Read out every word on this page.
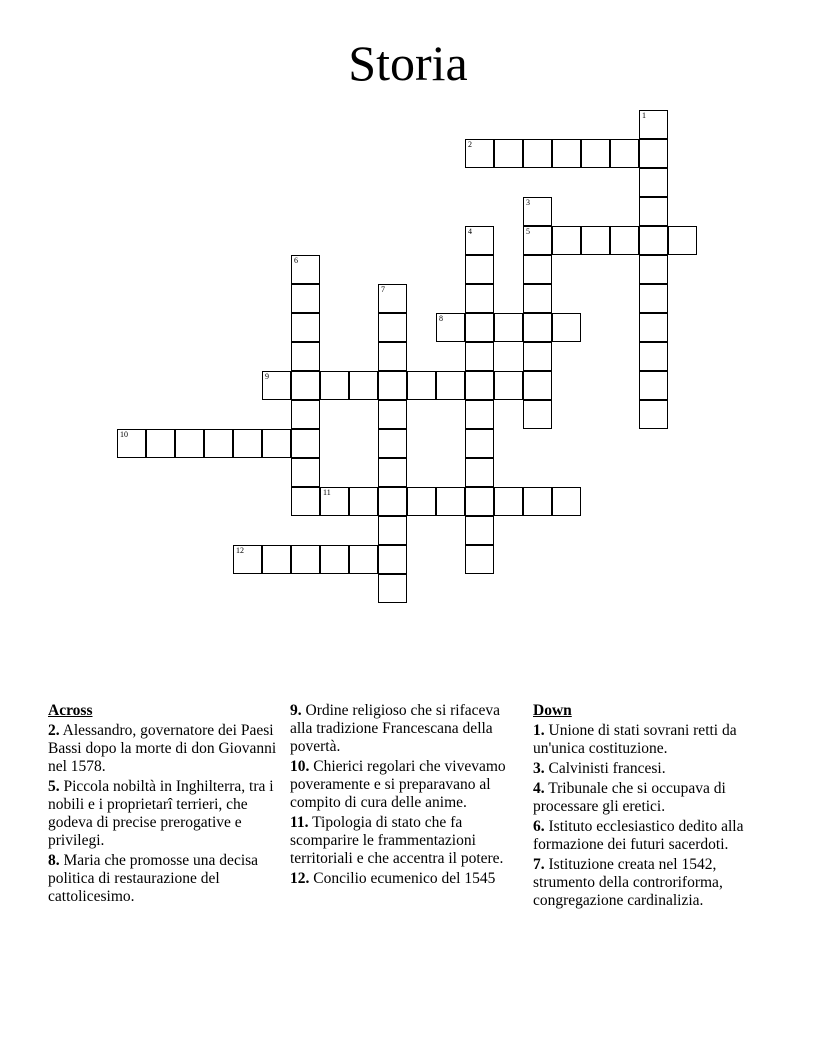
Storia
1
2
3
5
4
6
7
8
9
10
11
12
Across
2. Alessandro, governatore dei Paesi Bassi dopo la morte di don Giovanni nel 1578.
5. Piccola nobiltà in Inghilterra, tra i nobili e i proprietarî terrieri, che godeva di precise prerogative e privilegi.
8. Maria che promosse una decisa politica di restaurazione del cattolicesimo.
9. Ordine religioso che si rifaceva alla tradizione Francescana della povertà.
10. Chierici regolari che vivevamo poveramente e si preparavano al compito di cura delle anime.
11. Tipologia di stato che fa scomparire le frammentazioni territoriali e che accentra il potere.
12. Concilio ecumenico del 1545
Down
1. Unione di stati sovrani retti da un'unica costituzione.
3. Calvinisti francesi.
4. Tribunale che si occupava di processare gli eretici.
6. Istituto ecclesiastico dedito alla formazione dei futuri sacerdoti.
7. Istituzione creata nel 1542, strumento della controriforma, congregazione cardinalizia.
